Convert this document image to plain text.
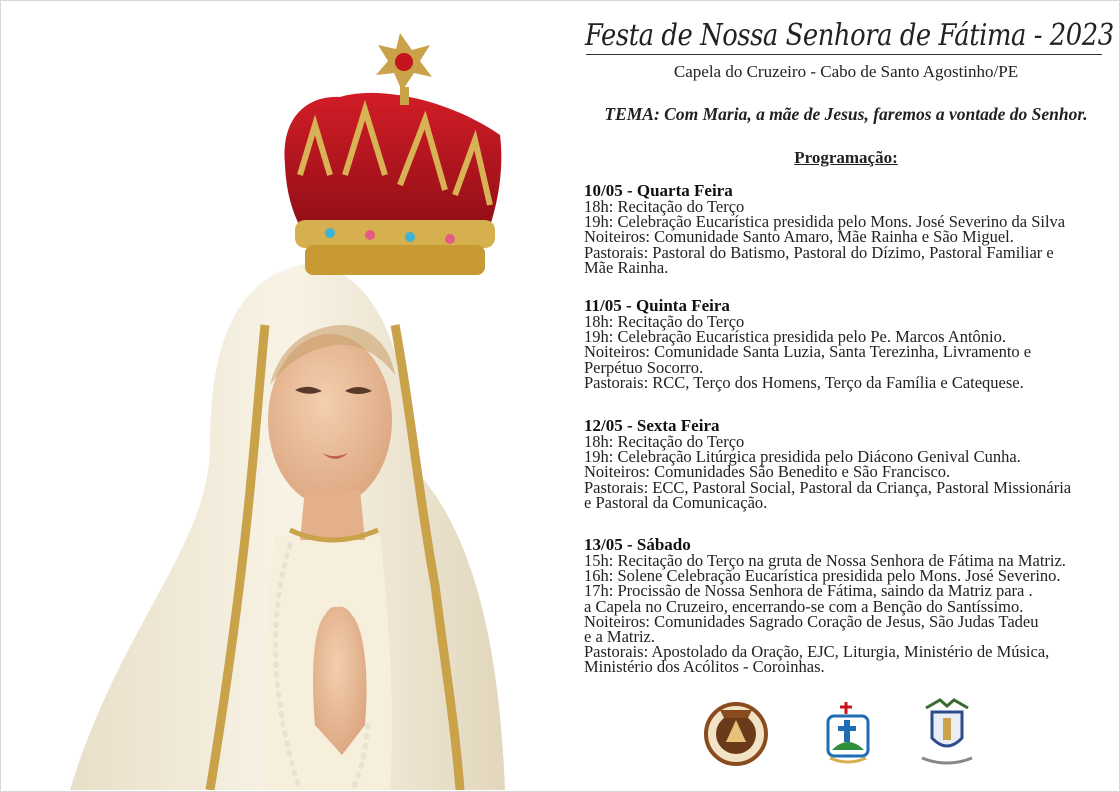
Festa de Nossa Senhora de Fátima - 2023
Capela do Cruzeiro - Cabo de Santo Agostinho/PE
TEMA: Com Maria, a mãe de Jesus, faremos a vontade do Senhor.
Programação:
10/05 - Quarta Feira

18h: Recitação do Terço

19h: Celebração Eucarística presidida pelo Mons. José Severino da Silva

Noiteiros: Comunidade Santo Amaro, Mãe Rainha e São Miguel.

Pastorais: Pastoral do Batismo, Pastoral do Dízimo, Pastoral Familiar e
Mãe Rainha.

11/05 - Quinta Feira

18h: Recitação do Terço

19h: Celebração Eucarística presidida pelo Pe. Marcos Antônio.

Noiteiros: Comunidade Santa Luzia, Santa Terezinha, Livramento e
Perpétuo Socorro.

Pastorais: RCC, Terço dos Homens, Terço da Família e Catequese.

12/05 - Sexta Feira

18h: Recitação do Terço

19h: Celebração Litúrgica presidida pelo Diácono Genival Cunha.

Noiteiros: Comunidades São Benedito e São Francisco.

Pastorais: ECC, Pastoral Social, Pastoral da Criança, Pastoral Missionária
e Pastoral da Comunicação.

13/05 - Sábado

15h: Recitação do Terço na gruta de Nossa Senhora de Fátima na Matriz.

16h: Solene Celebração Eucarística presidida pelo Mons. José Severino.

17h: Procissão de Nossa Senhora de Fátima, saindo da Matriz para .
a Capela no Cruzeiro, encerrando-se com a Benção do Santíssimo.

Noiteiros: Comunidades Sagrado Coração de Jesus, São Judas Tadeu
e a Matriz.

Pastorais: Apostolado da Oração, EJC, Liturgia, Ministério de Música,
Ministério dos Acólitos - Coroinhas.
